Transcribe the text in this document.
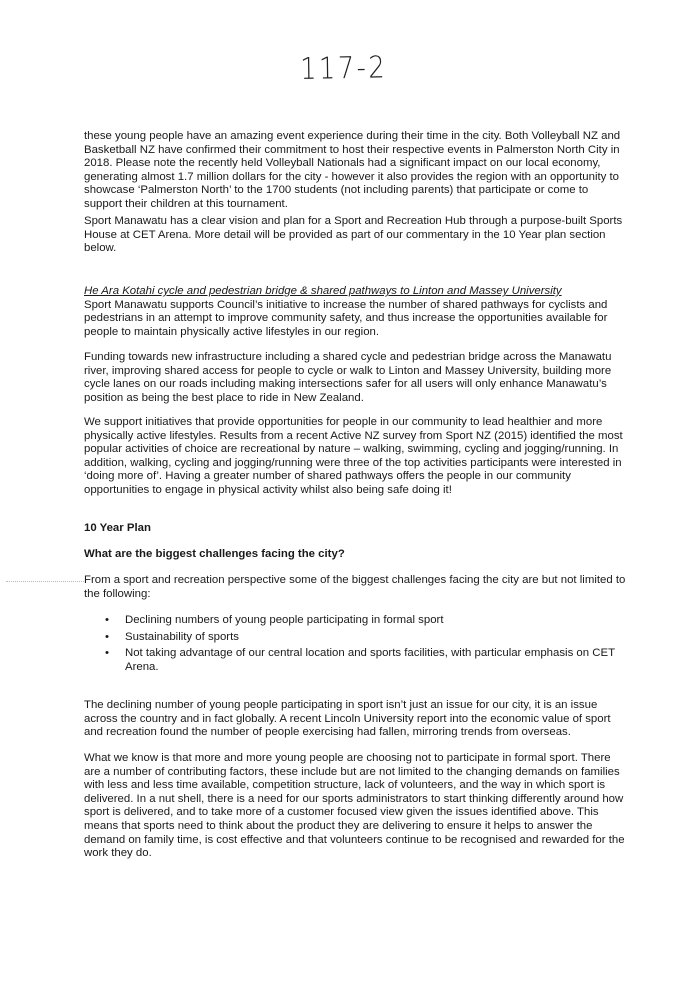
117-2

these young people have an amazing event experience during their time in the city. Both Volleyball NZ and Basketball NZ have confirmed their commitment to host their respective events in Palmerston North City in 2018. Please note the recently held Volleyball Nationals had a significant impact on our local economy, generating almost 1.7 million dollars for the city - however it also provides the region with an opportunity to showcase ‘Palmerston North’ to the 1700 students (not including parents) that participate or come to support their children at this tournament.

Sport Manawatu has a clear vision and plan for a Sport and Recreation Hub through a purpose-built Sports House at CET Arena. More detail will be provided as part of our commentary in the 10 Year plan section below.

He Ara Kotahi cycle and pedestrian bridge & shared pathways to Linton and Massey University

Sport Manawatu supports Council’s initiative to increase the number of shared pathways for cyclists and pedestrians in an attempt to improve community safety, and thus increase the opportunities available for people to maintain physically active lifestyles in our region.

Funding towards new infrastructure including a shared cycle and pedestrian bridge across the Manawatu river, improving shared access for people to cycle or walk to Linton and Massey University, building more cycle lanes on our roads including making intersections safer for all users will only enhance Manawatu’s position as being the best place to ride in New Zealand.

We support initiatives that provide opportunities for people in our community to lead healthier and more physically active lifestyles. Results from a recent Active NZ survey from Sport NZ (2015) identified the most popular activities of choice are recreational by nature – walking, swimming, cycling and jogging/running. In addition, walking, cycling and jogging/running were three of the top activities participants were interested in ‘doing more of’. Having a greater number of shared pathways offers the people in our community opportunities to engage in physical activity whilst also being safe doing it!

10 Year Plan
What are the biggest challenges facing the city?

From a sport and recreation perspective some of the biggest challenges facing the city are but not limited to the following:

• Declining numbers of young people participating in formal sport
• Sustainability of sports
• Not taking advantage of our central location and sports facilities, with particular emphasis on CET Arena.

The declining number of young people participating in sport isn’t just an issue for our city, it is an issue across the country and in fact globally. A recent Lincoln University report into the economic value of sport and recreation found the number of people exercising had fallen, mirroring trends from overseas.

What we know is that more and more young people are choosing not to participate in formal sport. There are a number of contributing factors, these include but are not limited to the changing demands on families with less and less time available, competition structure, lack of volunteers, and the way in which sport is delivered. In a nut shell, there is a need for our sports administrators to start thinking differently around how sport is delivered, and to take more of a customer focused view given the issues identified above. This means that sports need to think about the product they are delivering to ensure it helps to answer the demand on family time, is cost effective and that volunteers continue to be recognised and rewarded for the work they do.
